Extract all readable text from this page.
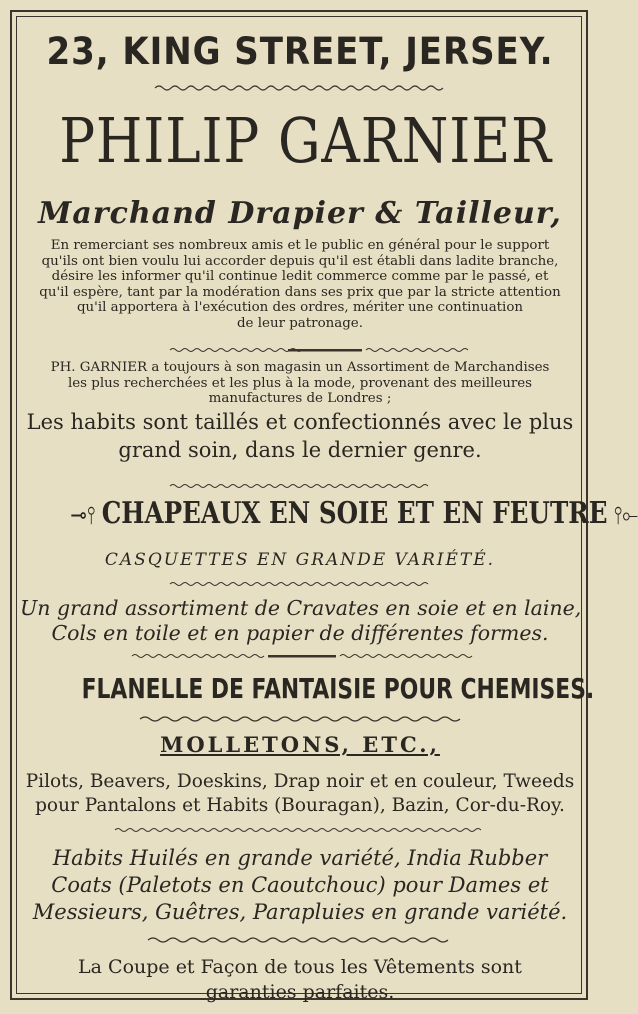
23, KING STREET, JERSEY.
PHILIP GARNIER
Marchand Drapier & Tailleur,
En remerciant ses nombreux amis et le public en général pour le support
qu'ils ont bien voulu lui accorder depuis qu'il est établi dans ladite branche,
désire les informer qu'il continue ledit commerce comme par le passé, et
qu'il espère, tant par la modération dans ses prix que par la stricte attention
qu'il apportera à l'exécution des ordres, mériter une continuation
de leur patronage.
PH. GARNIER a toujours à son magasin un Assortiment de Marchandises
les plus recherchées et les plus à la mode, provenant des meilleures
manufactures de Londres ;
Les habits sont taillés et confectionnés avec le plus
grand soin, dans le dernier genre.
⊸⫯ CHAPEAUX EN SOIE ET EN FEUTRE ⫯⟜
CASQUETTES EN GRANDE VARIÉTÉ.
Un grand assortiment de Cravates en soie et en laine,
Cols en toile et en papier de différentes formes.
FLANELLE DE FANTAISIE POUR CHEMISES.
MOLLETONS, ETC.,
Pilots, Beavers, Doeskins, Drap noir et en couleur, Tweeds
pour Pantalons et Habits (Bouragan), Bazin, Cor-du-Roy.
Habits Huilés en grande variété, India Rubber
Coats (Paletots en Caoutchouc) pour Dames et
Messieurs, Guêtres, Parapluies en grande variété.
La Coupe et Façon de tous les Vêtements sont
garanties parfaites.
